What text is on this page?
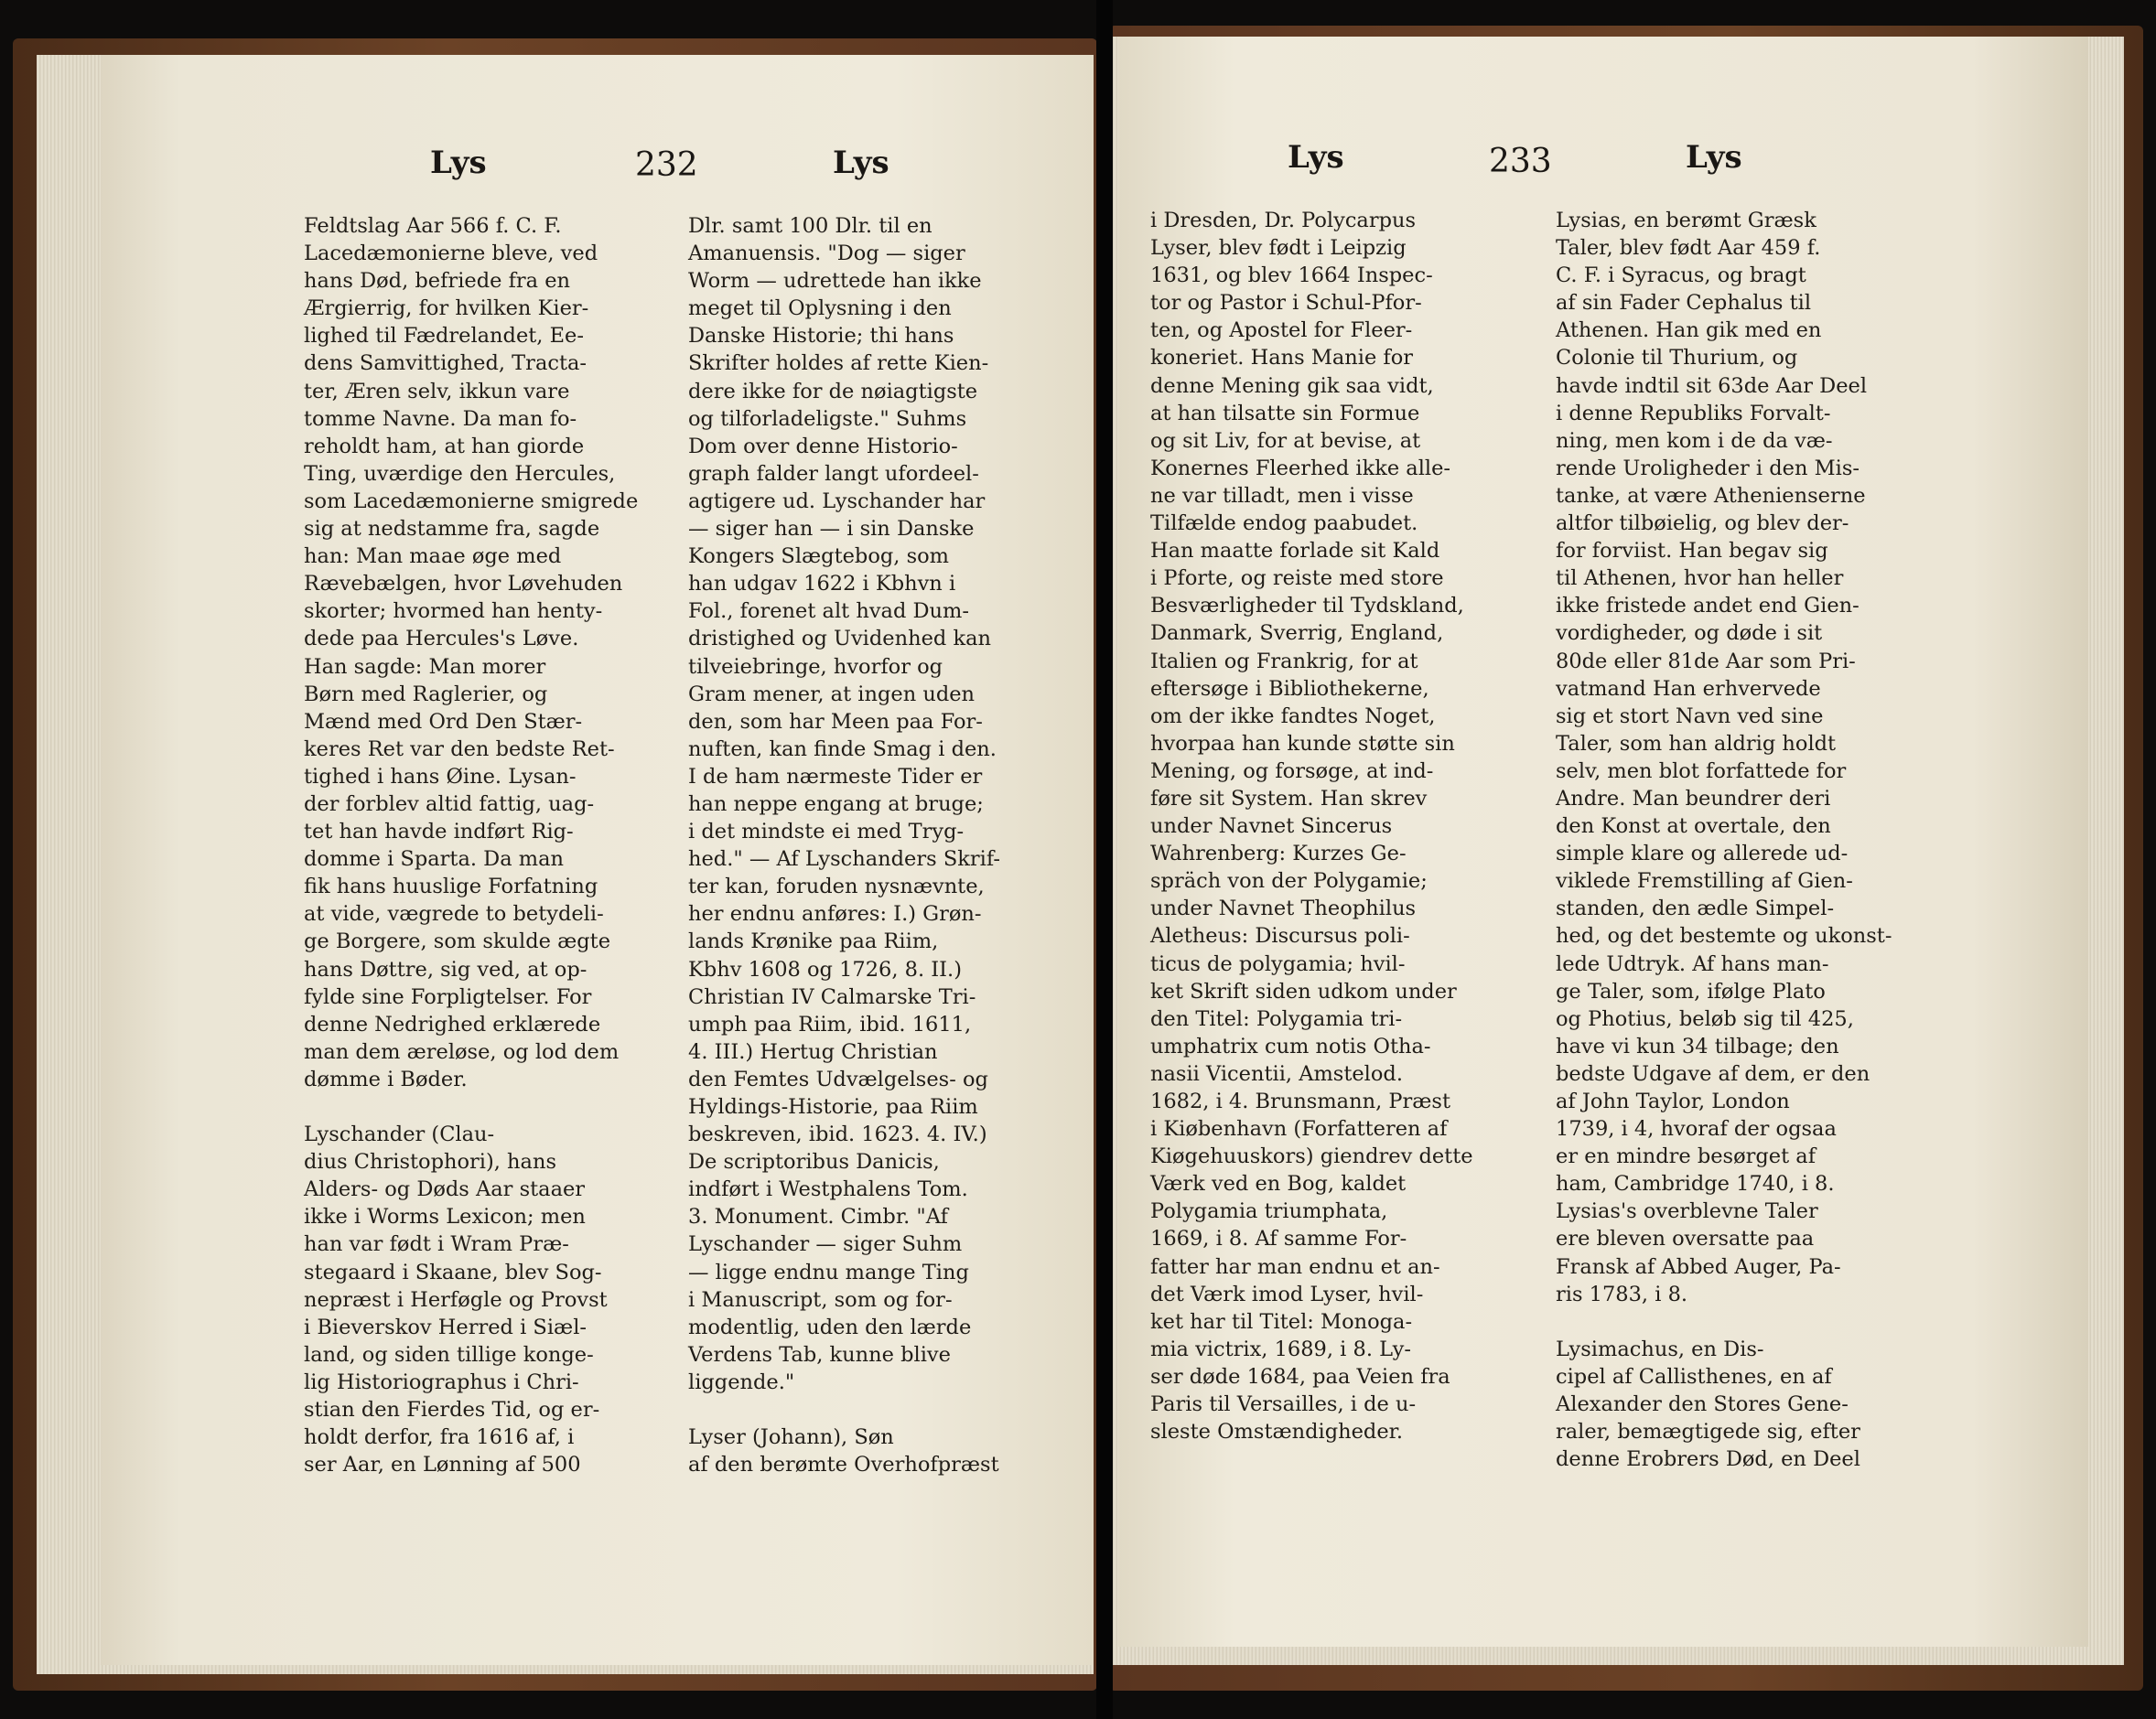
Lys	232	Lys
Feldtslag Aar 566 f. C. F.
Lacedæmonierne bleve, ved
hans Død, befriede fra en
Ærgierrig, for hvilken Kier-
lighed til Fædrelandet, Ee-
dens Samvittighed, Tracta-
ter, Æren selv, ikkun vare
tomme Navne. Da man fo-
reholdt ham, at han giorde
Ting, uværdige den Hercules,
som Lacedæmonierne smigrede
sig at nedstamme fra, sagde
han: Man maae øge med
Rævebælgen, hvor Løvehuden
skorter; hvormed han henty-
dede paa Hercules's Løve.
Han sagde: Man morer
Børn med Raglerier, og
Mænd med Ord Den Stær-
keres Ret var den bedste Ret-
tighed i hans Øine. Lysan-
der forblev altid fattig, uag-
tet han havde indført Rig-
domme i Sparta. Da man
fik hans huuslige Forfatning
at vide, vægrede to betydeli-
ge Borgere, som skulde ægte
hans Døttre, sig ved, at op-
fylde sine Forpligtelser. For
denne Nedrighed erklærede
man dem æreløse, og lod dem
dømme i Bøder.
Lyschander (Clau-
dius Christophori), hans
Alders- og Døds Aar staaer
ikke i Worms Lexicon; men
han var født i Wram Præ-
stegaard i Skaane, blev Sog-
nepræst i Herføgle og Provst
i Bieverskov Herred i Siæl-
land, og siden tillige konge-
lig Historiographus i Chri-
stian den Fierdes Tid, og er-
holdt derfor, fra 1616 af, i
ser Aar, en Lønning af 500
Dlr. samt 100 Dlr. til en
Amanuensis. "Dog — siger
Worm — udrettede han ikke
meget til Oplysning i den
Danske Historie; thi hans
Skrifter holdes af rette Kien-
dere ikke for de nøiagtigste
og tilforladeligste." Suhms
Dom over denne Historio-
graph falder langt ufordeel-
agtigere ud. Lyschander har
— siger han — i sin Danske
Kongers Slægtebog, som
han udgav 1622 i Kbhvn i
Fol., forenet alt hvad Dum-
dristighed og Uvidenhed kan
tilveiebringe, hvorfor og
Gram mener, at ingen uden
den, som har Meen paa For-
nuften, kan finde Smag i den.
I de ham nærmeste Tider er
han neppe engang at bruge;
i det mindste ei med Tryg-
hed." — Af Lyschanders Skrif-
ter kan, foruden nysnævnte,
her endnu anføres: I.) Grøn-
lands Krønike paa Riim,
Kbhv 1608 og 1726, 8. II.)
Christian IV Calmarske Tri-
umph paa Riim, ibid. 1611,
4. III.) Hertug Christian
den Femtes Udvælgelses- og
Hyldings-Historie, paa Riim
beskreven, ibid. 1623. 4. IV.)
De scriptoribus Danicis,
indført i Westphalens Tom.
3. Monument. Cimbr. "Af
Lyschander — siger Suhm
— ligge endnu mange Ting
i Manuscript, som og for-
modentlig, uden den lærde
Verdens Tab, kunne blive
liggende."
Lyser (Johann), Søn
af den berømte Overhofpræst
Lys	233	Lys
i Dresden, Dr. Polycarpus
Lyser, blev født i Leipzig
1631, og blev 1664 Inspec-
tor og Pastor i Schul-Pfor-
ten, og Apostel for Fleer-
koneriet. Hans Manie for
denne Mening gik saa vidt,
at han tilsatte sin Formue
og sit Liv, for at bevise, at
Konernes Fleerhed ikke alle-
ne var tilladt, men i visse
Tilfælde endog paabudet.
Han maatte forlade sit Kald
i Pforte, og reiste med store
Besværligheder til Tydskland,
Danmark, Sverrig, England,
Italien og Frankrig, for at
eftersøge i Bibliothekerne,
om der ikke fandtes Noget,
hvorpaa han kunde støtte sin
Mening, og forsøge, at ind-
føre sit System. Han skrev
under Navnet Sincerus
Wahrenberg: Kurzes Ge-
spräch von der Polygamie;
under Navnet Theophilus
Aletheus: Discursus poli-
ticus de polygamia; hvil-
ket Skrift siden udkom under
den Titel: Polygamia tri-
umphatrix cum notis Otha-
nasii Vicentii, Amstelod.
1682, i 4. Brunsmann, Præst
i Kiøbenhavn (Forfatteren af
Kiøgehuuskors) giendrev dette
Værk ved en Bog, kaldet
Polygamia triumphata,
1669, i 8. Af samme For-
fatter har man endnu et an-
det Værk imod Lyser, hvil-
ket har til Titel: Monoga-
mia victrix, 1689, i 8. Ly-
ser døde 1684, paa Veien fra
Paris til Versailles, i de u-
sleste Omstændigheder.
Lysias, en berømt Græsk
Taler, blev født Aar 459 f.
C. F. i Syracus, og bragt
af sin Fader Cephalus til
Athenen. Han gik med en
Colonie til Thurium, og
havde indtil sit 63de Aar Deel
i denne Republiks Forvalt-
ning, men kom i de da væ-
rende Uroligheder i den Mis-
tanke, at være Athenienserne
altfor tilbøielig, og blev der-
for forviist. Han begav sig
til Athenen, hvor han heller
ikke fristede andet end Gien-
vordigheder, og døde i sit
80de eller 81de Aar som Pri-
vatmand Han erhvervede
sig et stort Navn ved sine
Taler, som han aldrig holdt
selv, men blot forfattede for
Andre. Man beundrer deri
den Konst at overtale, den
simple klare og allerede ud-
viklede Fremstilling af Gien-
standen, den ædle Simpel-
hed, og det bestemte og ukonst-
lede Udtryk. Af hans man-
ge Taler, som, ifølge Plato
og Photius, beløb sig til 425,
have vi kun 34 tilbage; den
bedste Udgave af dem, er den
af John Taylor, London
1739, i 4, hvoraf der ogsaa
er en mindre besørget af
ham, Cambridge 1740, i 8.
Lysias's overblevne Taler
ere bleven oversatte paa
Fransk af Abbed Auger, Pa-
ris 1783, i 8.
Lysimachus, en Dis-
cipel af Callisthenes, en af
Alexander den Stores Gene-
raler, bemægtigede sig, efter
denne Erobrers Død, en Deel
